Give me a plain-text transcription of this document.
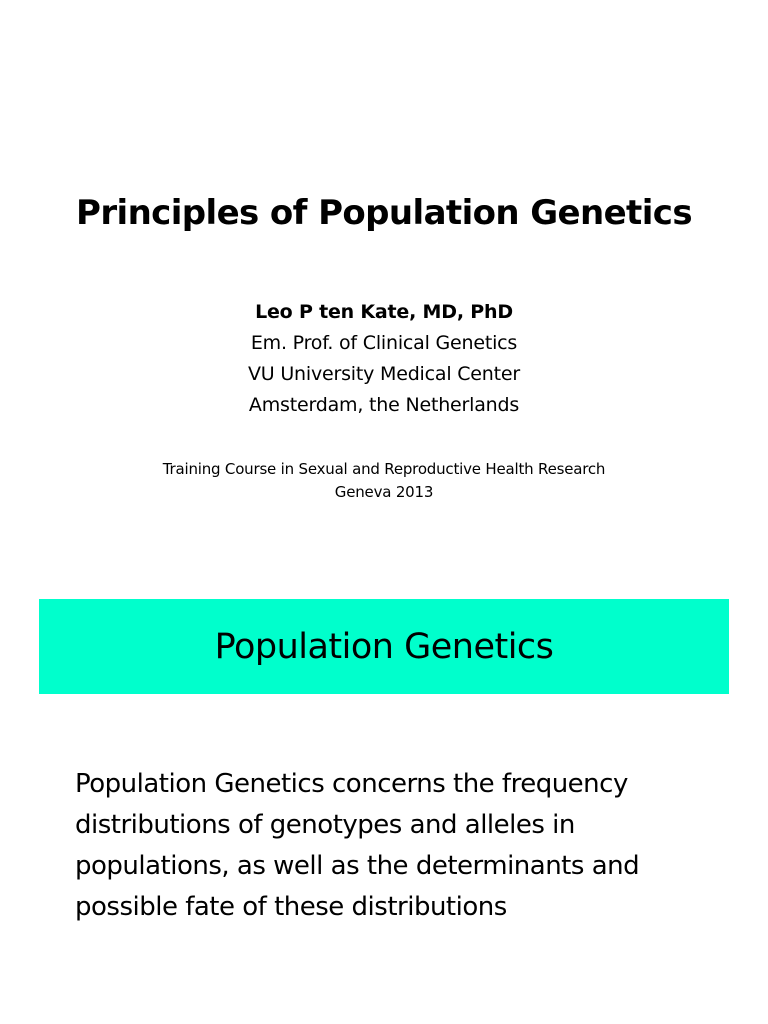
Principles of Population Genetics
Leo P ten Kate, MD, PhD
Em. Prof. of Clinical Genetics
VU University Medical Center
Amsterdam, the Netherlands
Training Course in Sexual and Reproductive Health Research
Geneva 2013
Population Genetics
Population Genetics concerns the frequency
distributions of genotypes and alleles in
populations, as well as the determinants and
possible fate of these distributions
